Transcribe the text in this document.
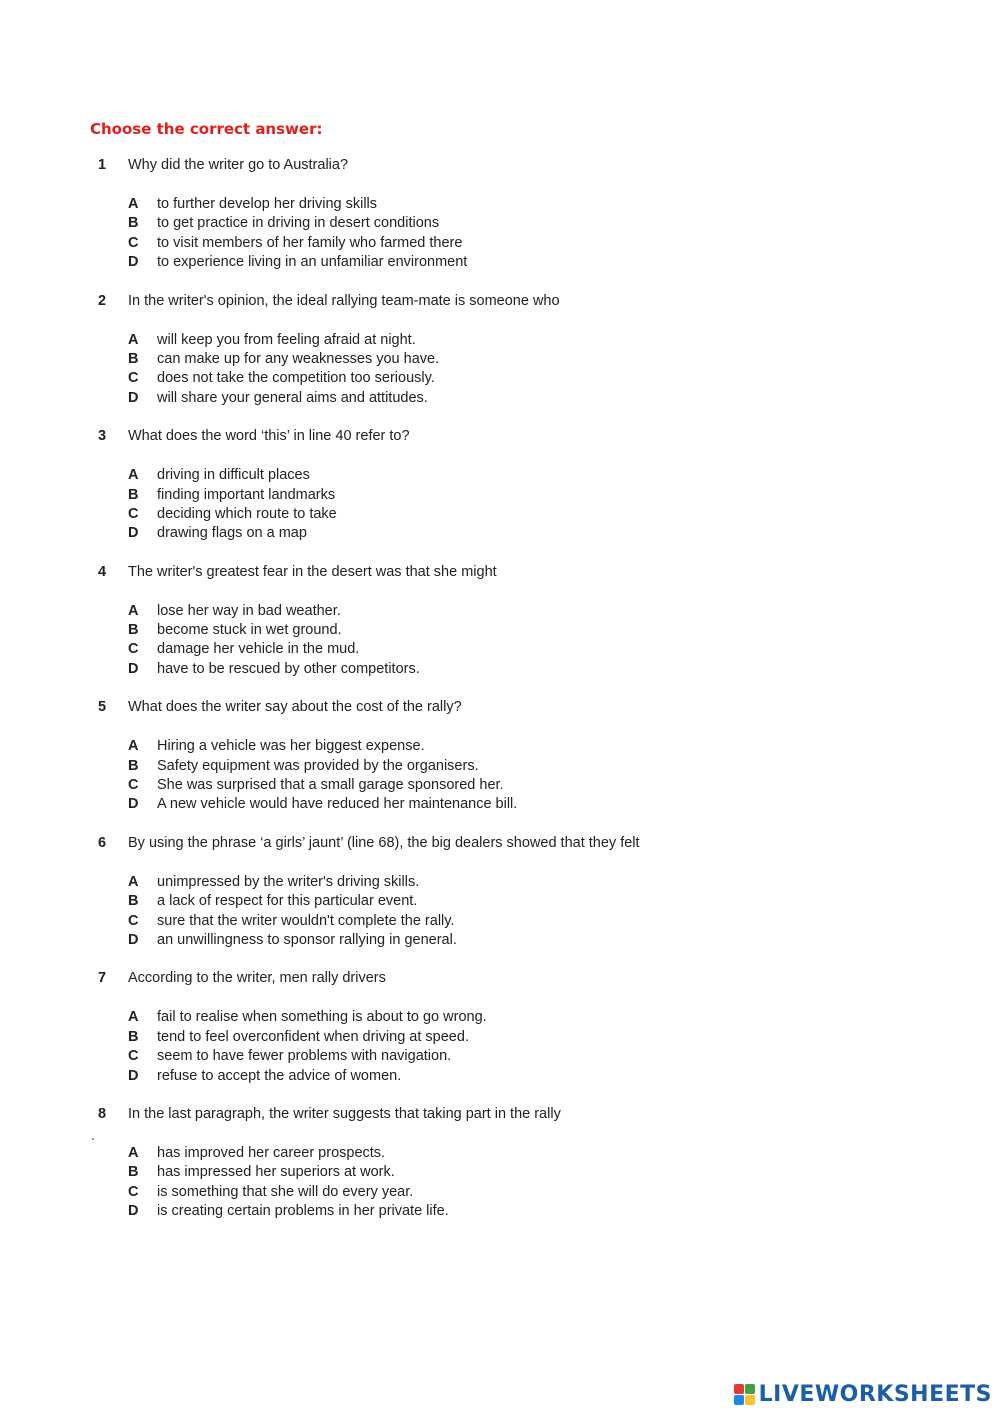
Choose the correct answer:
1	Why did the writer go to Australia?
A	to further develop her driving skills
B	to get practice in driving in desert conditions
C	to visit members of her family who farmed there
D	to experience living in an unfamiliar environment
2	In the writer's opinion, the ideal rallying team-mate is someone who
A	will keep you from feeling afraid at night.
B	can make up for any weaknesses you have.
C	does not take the competition too seriously.
D	will share your general aims and attitudes.
3	What does the word ‘this’ in line 40 refer to?
A	driving in difficult places
B	finding important landmarks
C	deciding which route to take
D	drawing flags on a map
4	The writer's greatest fear in the desert was that she might
A	lose her way in bad weather.
B	become stuck in wet ground.
C	damage her vehicle in the mud.
D	have to be rescued by other competitors.
5	What does the writer say about the cost of the rally?
A	Hiring a vehicle was her biggest expense.
B	Safety equipment was provided by the organisers.
C	She was surprised that a small garage sponsored her.
D	A new vehicle would have reduced her maintenance bill.
6	By using the phrase ‘a girls’ jaunt’ (line 68), the big dealers showed that they felt
A	unimpressed by the writer's driving skills.
B	a lack of respect for this particular event.
C	sure that the writer wouldn't complete the rally.
D	an unwillingness to sponsor rallying in general.
7	According to the writer, men rally drivers
A	fail to realise when something is about to go wrong.
B	tend to feel overconfident when driving at speed.
C	seem to have fewer problems with navigation.
D	refuse to accept the advice of women.
8	In the last paragraph, the writer suggests that taking part in the rally
A	has improved her career prospects.
B	has impressed her superiors at work.
C	is something that she will do every year.
D	is creating certain problems in her private life.
LIVEWORKSHEETS
